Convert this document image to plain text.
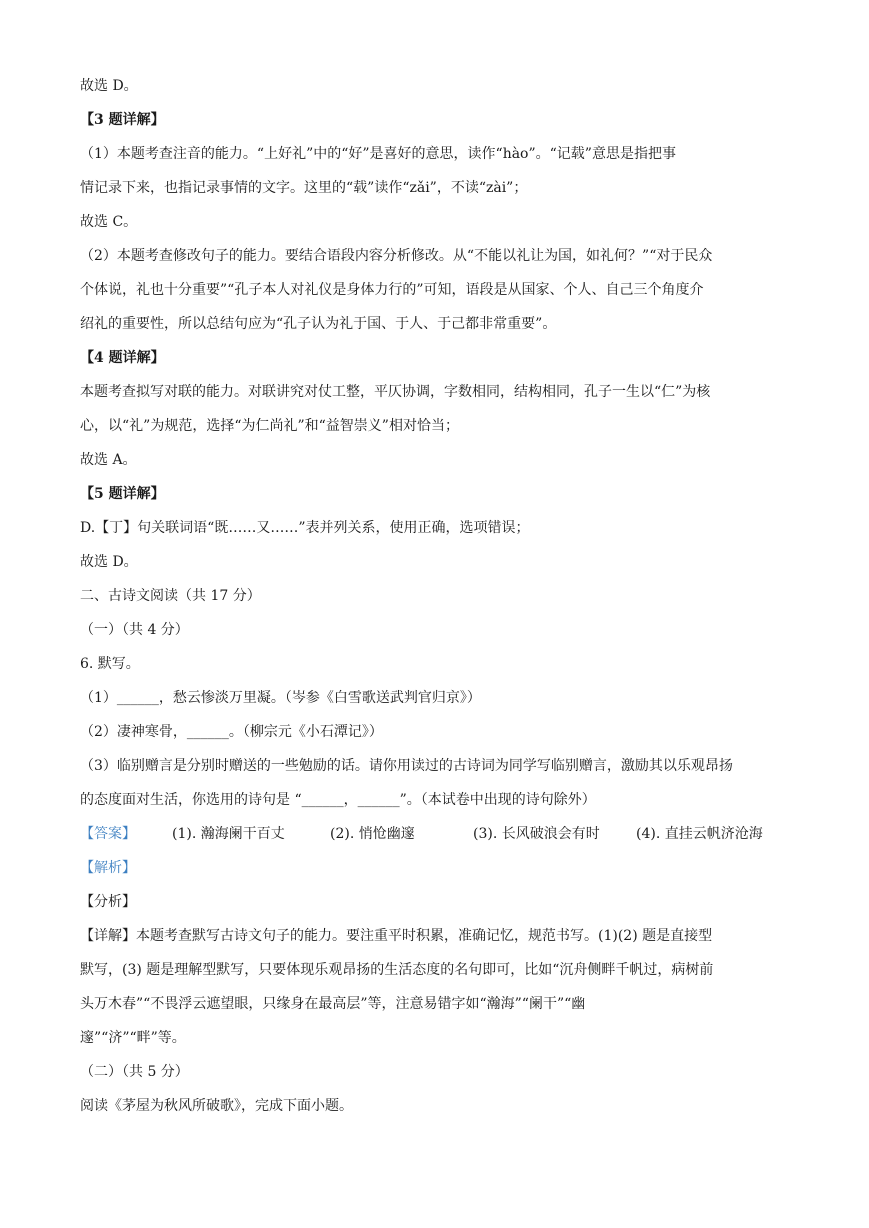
故选 D。
【3 题详解】
（1）本题考查注音的能力。“上好礼”中的“好”是喜好的意思，读作“hào”。“记载”意思是指把事
情记录下来，也指记录事情的文字。这里的“载”读作“zǎi”，不读“zài”；
故选 C。
（2）本题考查修改句子的能力。要结合语段内容分析修改。从“不能以礼让为国，如礼何？”“对于民众
个体说，礼也十分重要”“孔子本人对礼仪是身体力行的”可知，语段是从国家、个人、自己三个角度介
绍礼的重要性，所以总结句应为“孔子认为礼于国、于人、于己都非常重要”。
【4 题详解】
本题考查拟写对联的能力。对联讲究对仗工整，平仄协调，字数相同，结构相同，孔子一生以“仁”为核
心，以“礼”为规范，选择“为仁尚礼”和“益智崇义”相对恰当；
故选 A。
【5 题详解】
D.【丁】句关联词语“既……又……”表并列关系，使用正确，选项错误；
故选 D。
二、古诗文阅读（共 17 分）
（一）（共 4 分）
6. 默写。
（1）______，愁云惨淡万里凝。（岑参《白雪歌送武判官归京》）
（2）凄神寒骨，______。（柳宗元《小石潭记》）
（3）临别赠言是分别时赠送的一些勉励的话。请你用读过的古诗词为同学写临别赠言，激励其以乐观昂扬
的态度面对生活，你选用的诗句是 “______，______”。（本试卷中出现的诗句除外）
【答案】	(1). 瀚海阑干百丈	(2). 悄怆幽邃	(3). 长风破浪会有时	(4). 直挂云帆济沧海
【解析】
【分析】
【详解】本题考查默写古诗文句子的能力。要注重平时积累，准确记忆，规范书写。(1)(2) 题是直接型
默写，(3) 题是理解型默写，只要体现乐观昂扬的生活态度的名句即可，比如“沉舟侧畔千帆过，病树前
头万木春”“不畏浮云遮望眼，只缘身在最高层”等，注意易错字如“瀚海”“阑干”“幽
邃”“济”“畔”等。
（二）（共 5 分）
阅读《茅屋为秋风所破歌》，完成下面小题。
